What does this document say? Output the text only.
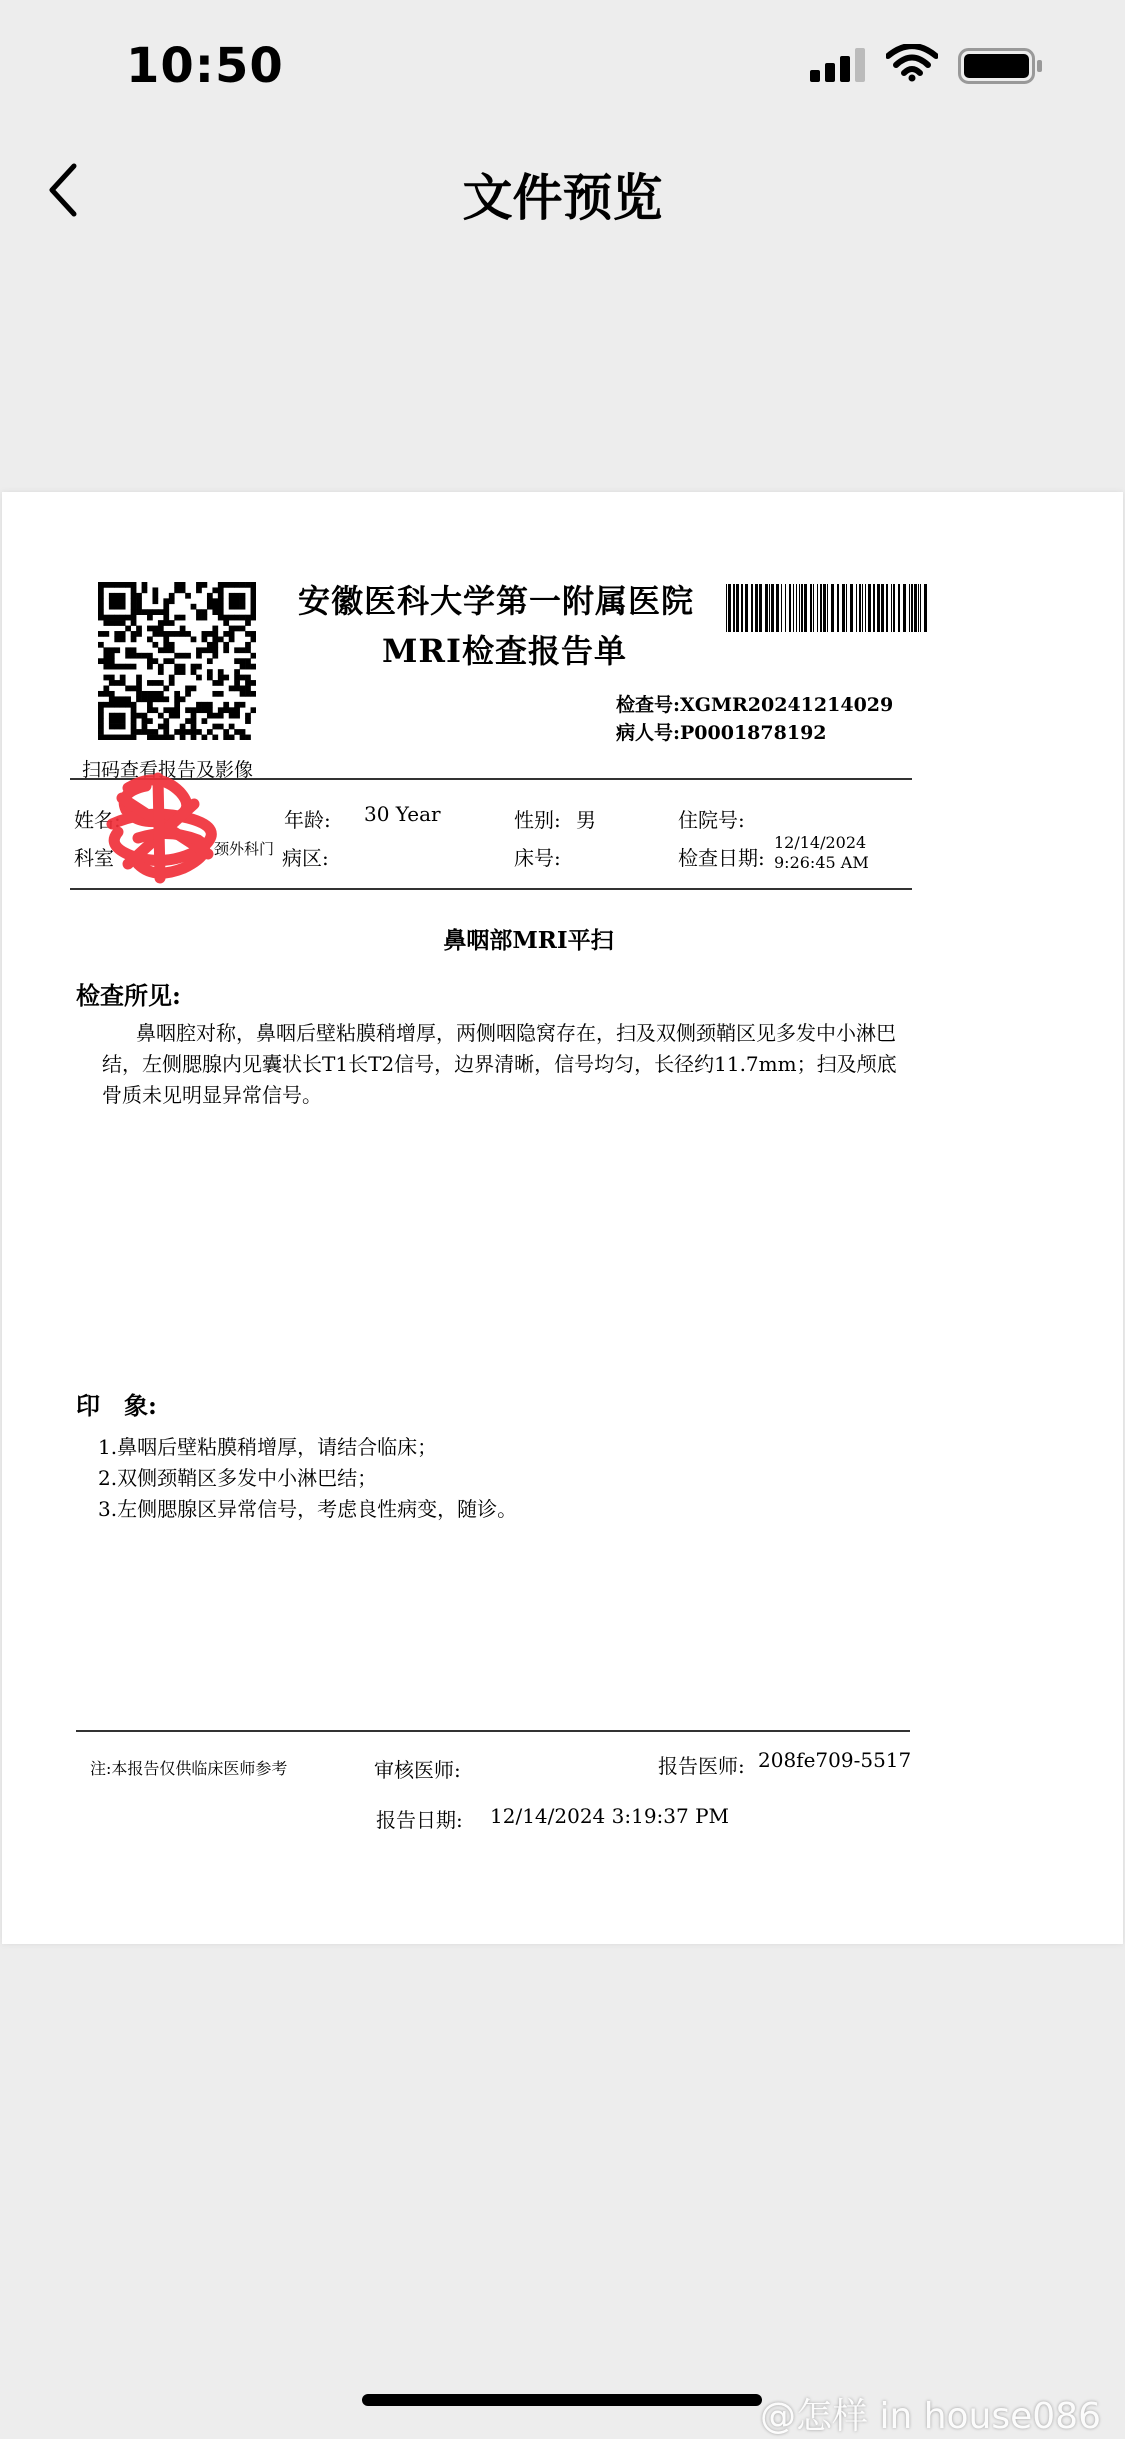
10:50
文件预览
扫码查看报告及影像
安徽医科大学第一附属医院
MRI检查报告单
检查号:XGMR20241214029
病人号:P0001878192
姓名:	年龄: 30 Year	性别: 男	住院号:
科室	颈外科门 病区:	床号:	检查日期:
12/14/2024
9:26:45 AM
鼻咽部MRI平扫
检查所见:
鼻咽腔对称，鼻咽后壁粘膜稍增厚，两侧咽隐窝存在，扫及双侧颈鞘区见多发中小淋巴结，左侧腮腺内见囊状长T1长T2信号，边界清晰，信号均匀，长径约11.7mm；扫及颅底骨质未见明显异常信号。
印　象:
1.鼻咽后壁粘膜稍增厚，请结合临床；
2.双侧颈鞘区多发中小淋巴结；
3.左侧腮腺区异常信号，考虑良性病变，随诊。
注:本报告仅供临床医师参考	审核医师:	报告医师: 208fe709-5517
报告日期: 12/14/2024 3:19:37 PM
@怎样 in house086
